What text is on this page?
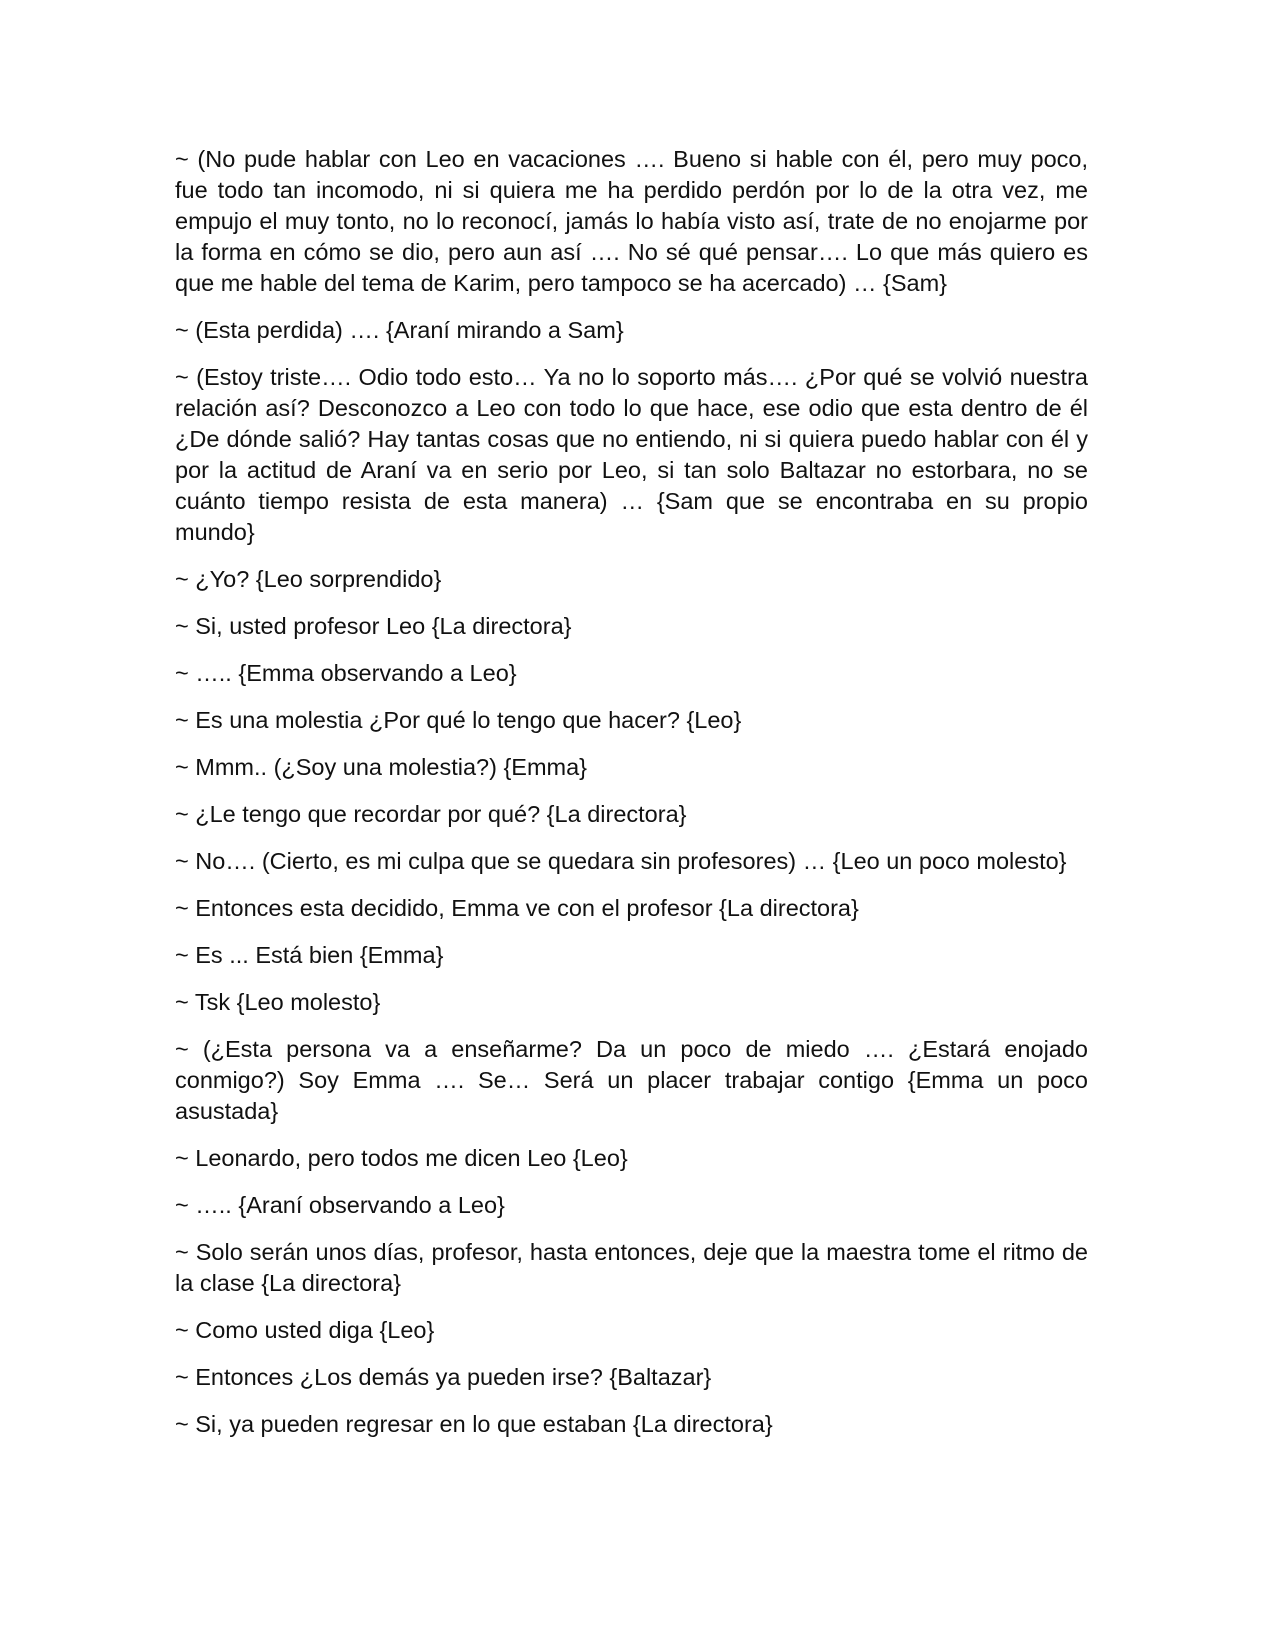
~ (No pude hablar con Leo en vacaciones …. Bueno si hable con él, pero muy poco, fue todo tan incomodo, ni si quiera me ha perdido perdón por lo de la otra vez, me empujo el muy tonto, no lo reconocí, jamás lo había visto así, trate de no enojarme por la forma en cómo se dio, pero aun así …. No sé qué pensar…. Lo que más quiero es que me hable del tema de Karim, pero tampoco se ha acercado) … {Sam}

~ (Esta perdida) …. {Araní mirando a Sam}

~ (Estoy triste…. Odio todo esto… Ya no lo soporto más…. ¿Por qué se volvió nuestra relación así? Desconozco a Leo con todo lo que hace, ese odio que esta dentro de él ¿De dónde salió? Hay tantas cosas que no entiendo, ni si quiera puedo hablar con él y por la actitud de Araní va en serio por Leo, si tan solo Baltazar no estorbara, no se cuánto tiempo resista de esta manera) … {Sam que se encontraba en su propio mundo}

~ ¿Yo? {Leo sorprendido}

~ Si, usted profesor Leo {La directora}

~ ….. {Emma observando a Leo}

~ Es una molestia ¿Por qué lo tengo que hacer? {Leo}

~ Mmm.. (¿Soy una molestia?) {Emma}

~ ¿Le tengo que recordar por qué? {La directora}

~ No…. (Cierto, es mi culpa que se quedara sin profesores) … {Leo un poco molesto}

~ Entonces esta decidido, Emma ve con el profesor {La directora}

~ Es ... Está bien {Emma}

~ Tsk {Leo molesto}

~ (¿Esta persona va a enseñarme? Da un poco de miedo …. ¿Estará enojado conmigo?) Soy Emma …. Se… Será un placer trabajar contigo {Emma un poco asustada}

~ Leonardo, pero todos me dicen Leo {Leo}

~ ….. {Araní observando a Leo}

~ Solo serán unos días, profesor, hasta entonces, deje que la maestra tome el ritmo de la clase {La directora}

~ Como usted diga {Leo}

~ Entonces ¿Los demás ya pueden irse? {Baltazar}

~ Si, ya pueden regresar en lo que estaban {La directora}
